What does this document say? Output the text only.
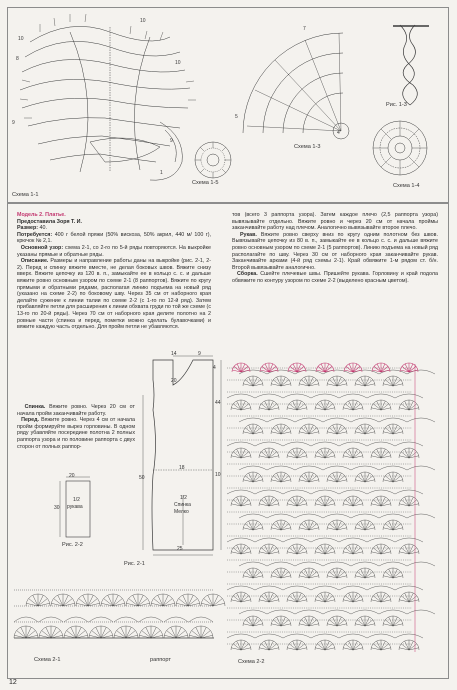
8
10
10
9
10
9
1
Схема 1-1
Схема 1-5
5
7
4
Схема 1-3
Рис. 1-3
Схема 1-4

Модель 2. Платье.

Предоставила Зоря Т. И.

Размер: 40.

Потребуется: 400 г белой пряжи (50% вискоза, 50% акрил, 440 м/ 100 г), крючок № 2,1.

Основной узор: схема 2-1, со 2-го по 5-й ряды повторяются. На выкройке указаны прямые и обратные ряды.

Описание. Размеры и направление работы даны на выкройке (рис. 2-1, 2-2). Перед и спинку вяжите вместе, не делая боковых швов. Вяжите снизу вверх. Вяжите цепочку из 120 в. п., замыкайте ее в кольцо с. с. и дальше вяжите ровно основным узором по схеме 2-1 (8 раппортов). Вяжите по кругу прямыми и обратными рядами, располагая линию подъема на новый ряд (указано на схеме 2-2) по боковому шву. Через 35 см от наборного края делайте сужение к линии талии по схеме 2-2 (с 1-го по 12-й ряд). Затем прибавляйте петли для расширения к линии обхвата груди по той же схеме (с 13-го по 20-й ряды). Через 70 см от наборного края делите полотно на 2 ровные части (спинка и перед, пометки можно сделать булавочками) и вяжите каждую часть отдельно. Для пройм петли не убавляются.

Спинка. Вяжите ровно. Через 20 см от начала пройм заканчивайте работу.

Перед. Вяжите ровно. Через 4 см от начала пройм формируйте вырез горловины. В одном ряду убавляйте посередине полотна 2 полных раппорта узора и по половине раппорта с двух сторон от полных раппор-

тов (всего 3 раппорта узора). Затем каждое плечо (2,5 раппорта узора) вывязывайте отдельно. Вяжите ровно и через 20 см от начала проймы заканчивайте работу над плечом. Аналогично вывязывайте второе плечо.

Рукав. Вяжите ровно сверху вниз по кругу одним полотном без швов. Вывязывайте цепочку из 80 в. п., замыкайте ее в кольцо с. с. и дальше вяжите ровно основным узором по схеме 2-1 (5 раппортов). Линию подъема на новый ряд располагайте по шву. Через 30 см от наборного края заканчивайте рукав. Заканчивайте арками (4-й ряд схемы 2-1). Край обвяжите 1-м рядом ст. б/н. Второй вывязывайте аналогично.

Сборка. Сшейте плечевые швы. Пришейте рукава. Горловину и край подола обвяжите по контуру узором по схеме 2-2 (выделено красным цветом).

14	9
4
44
20
18
50	10
25
1/2
Спинка
Мелко
Рис. 2-1
20
30
1/2
рукава
Рис. 2-2
Схема 2-1	раппорт	Схема 2-2
12
